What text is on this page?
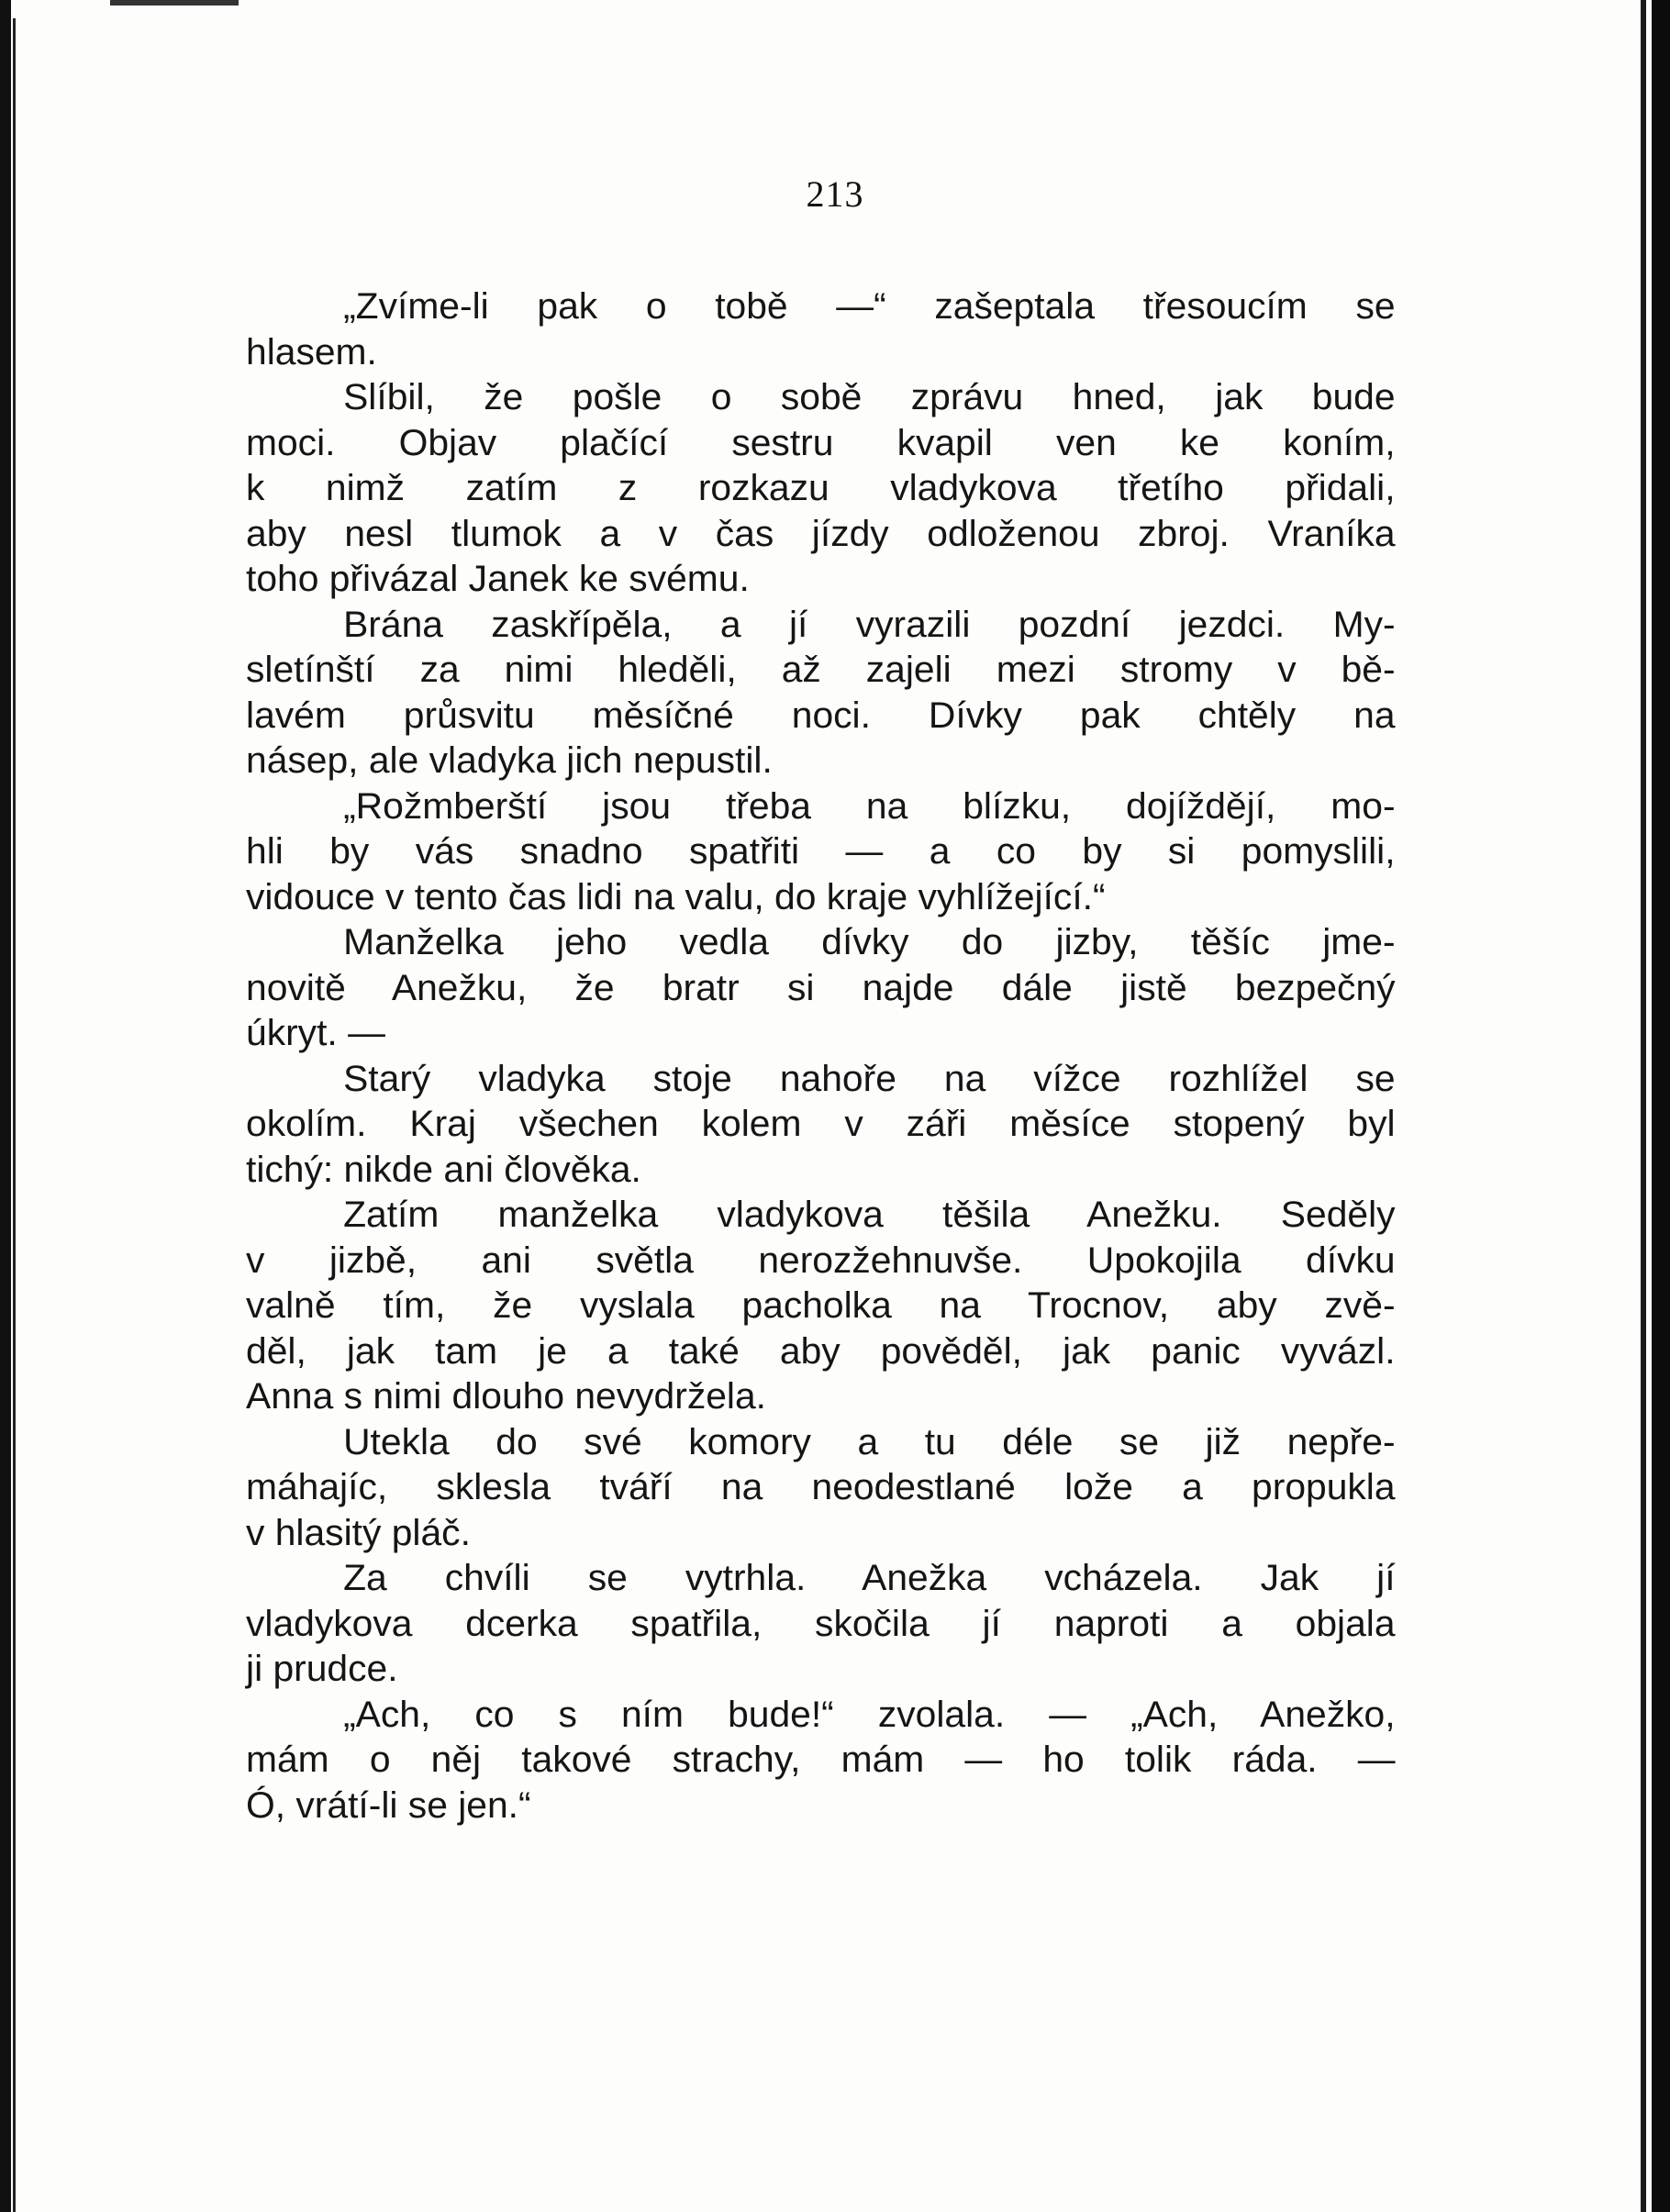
213
„Zvíme-li pak o tobě —“ zašeptala třesoucím se
hlasem.
Slíbil, že pošle o sobě zprávu hned, jak bude
moci. Objav plačící sestru kvapil ven ke koním,
k nimž zatím z rozkazu vladykova třetího přidali,
aby nesl tlumok a v čas jízdy odloženou zbroj. Vraníka
toho přivázal Janek ke svému.
Brána zaskřípěla, a jí vyrazili pozdní jezdci. My-
sletínští za nimi hleděli, až zajeli mezi stromy v bě-
lavém průsvitu měsíčné noci. Dívky pak chtěly na
násep, ale vladyka jich nepustil.
„Rožmberští jsou třeba na blízku, dojíždějí, mo-
hli by vás snadno spatřiti — a co by si pomyslili,
vidouce v tento čas lidi na valu, do kraje vyhlížející.“
Manželka jeho vedla dívky do jizby, těšíc jme-
novitě Anežku, že bratr si najde dále jistě bezpečný
úkryt. —
Starý vladyka stoje nahoře na vížce rozhlížel se
okolím. Kraj všechen kolem v záři měsíce stopený byl
tichý: nikde ani člověka.
Zatím manželka vladykova těšila Anežku. Seděly
v jizbě, ani světla nerozžehnuvše. Upokojila dívku
valně tím, že vyslala pacholka na Trocnov, aby zvě-
děl, jak tam je a také aby pověděl, jak panic vyvázl.
Anna s nimi dlouho nevydržela.
Utekla do své komory a tu déle se již nepře-
máhajíc, sklesla tváří na neodestlané lože a propukla
v hlasitý pláč.
Za chvíli se vytrhla. Anežka vcházela. Jak jí
vladykova dcerka spatřila, skočila jí naproti a objala
ji prudce.
„Ach, co s ním bude!“ zvolala. — „Ach, Anežko,
mám o něj takové strachy, mám — ho tolik ráda. —
Ó, vrátí-li se jen.“
